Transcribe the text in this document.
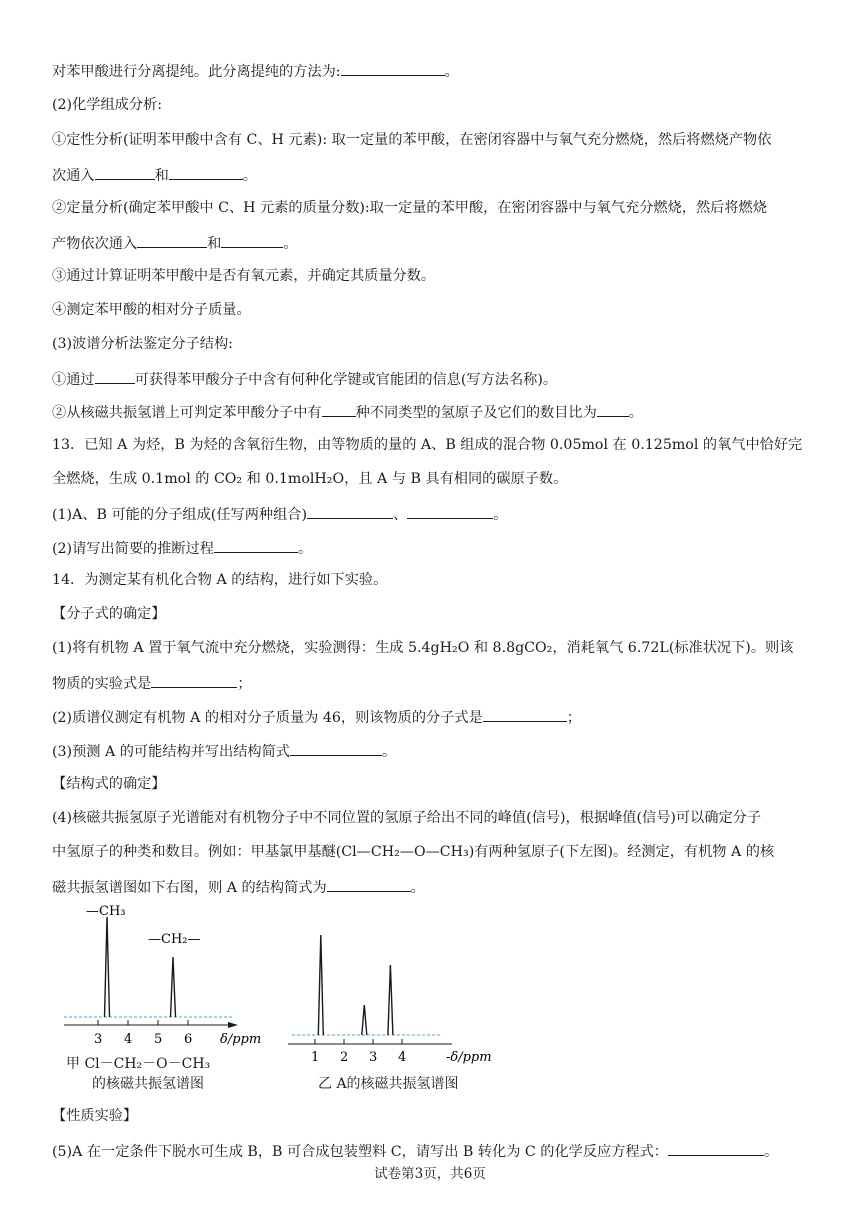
对苯甲酸进行分离提纯。此分离提纯的方法为:	。
(2)化学组成分析:
①定性分析(证明苯甲酸中含有 C、H 元素): 取一定量的苯甲酸，在密闭容器中与氧气充分燃烧，然后将燃烧产物依
次通入	和	。
②定量分析(确定苯甲酸中 C、H 元素的质量分数):取一定量的苯甲酸，在密闭容器中与氧气充分燃烧，然后将燃烧
产物依次通入	和	。
③通过计算证明苯甲酸中是否有氧元素，并确定其质量分数。
④测定苯甲酸的相对分子质量。
(3)波谱分析法鉴定分子结构:
①通过	可获得苯甲酸分子中含有何种化学键或官能团的信息(写方法名称)。
②从核磁共振氢谱上可判定苯甲酸分子中有 种不同类型的氢原子及它们的数目比为 。
13．已知 A 为烃，B 为烃的含氧衍生物，由等物质的量的 A、B 组成的混合物 0.05mol 在 0.125mol 的氧气中恰好完
全燃烧，生成 0.1mol 的 CO₂ 和 0.1molH₂O，且 A 与 B 具有相同的碳原子数。
(1)A、B 可能的分子组成(任写两种组合)	、	。
(2)请写出简要的推断过程	。
14．为测定某有机化合物 A 的结构，进行如下实验。
【分子式的确定】
(1)将有机物 A 置于氧气流中充分燃烧，实验测得：生成 5.4gH₂O 和 8.8gCO₂，消耗氧气 6.72L(标准状况下)。则该
物质的实验式是	；
(2)质谱仪测定有机物 A 的相对分子质量为 46，则该物质的分子式是	；
(3)预测 A 的可能结构并写出结构简式	。
【结构式的确定】
(4)核磁共振氢原子光谱能对有机物分子中不同位置的氢原子给出不同的峰值(信号)，根据峰值(信号)可以确定分子
中氢原子的种类和数目。例如：甲基氯甲基醚(Cl—CH₂—O—CH₃)有两种氢原子(下左图)。经测定，有机物 A 的核
磁共振氢谱图如下右图，则 A 的结构简式为	。
—CH₃
—CH₂—
3 4 5 6 δ/ppm
甲 Cl－CH₂－O－CH₃
的核磁共振氢谱图
1 2 3 4	-δ/ppm
乙 A的核磁共振氢谱图
【性质实验】
(5)A 在一定条件下脱水可生成 B，B 可合成包装塑料 C，请写出 B 转化为 C 的化学反应方程式：	。
试卷第3页，共6页
